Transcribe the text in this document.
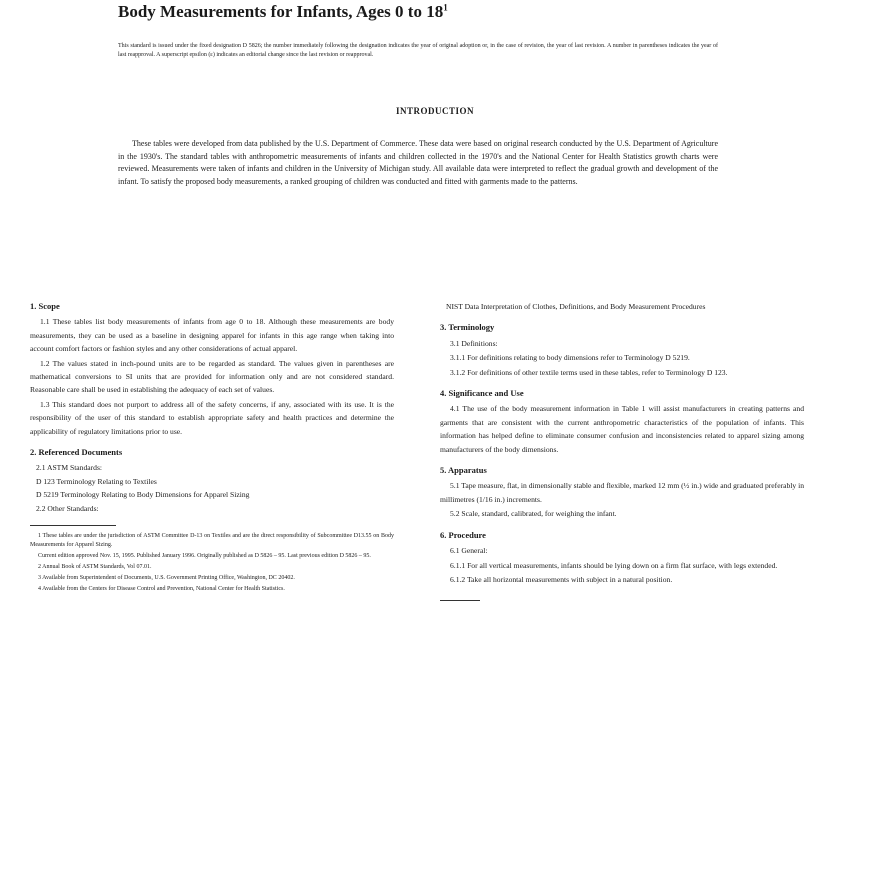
Body Measurements for Infants, Ages 0 to $18^1$
This standard is issued under the fixed designation D 5826; the number immediately following the designation indicates the year of original adoption or, in the case of revision, the year of last revision. A number in parentheses indicates the year of last reapproval. A superscript epsilon (ε) indicates an editorial change since the last revision or reapproval.
INTRODUCTION
These tables were developed from data published by the U.S. Department of Commerce. These data were based on original research conducted by the U.S. Department of Agriculture in the 1930's. The standard tables with anthropometric measurements of infants and children collected in the 1970's and the National Center for Health Statistics growth charts were reviewed. Measurements were taken of infants and children in the University of Michigan study. All available data were interpreted to reflect the gradual growth and development of the infant. To satisfy the proposed body measurements, a ranked grouping of children was conducted and fitted with garments made to the patterns.
1. Scope

1.1 These tables list body measurements of infants from age 0 to 18. Although these measurements are body measurements, they can be used as a baseline in designing apparel for infants in this age range when taking into account comfort factors or fashion styles and any other considerations of actual apparel.

1.2 The values stated in inch-pound units are to be regarded as standard. The values given in parentheses are mathematical conversions to SI units that are provided for information only and are not considered standard. Reasonable care shall be used in establishing the adequacy of each set of values.

1.3 This standard does not purport to address all of the safety concerns, if any, associated with its use. It is the responsibility of the user of this standard to establish appropriate safety and health practices and determine the applicability of regulatory limitations prior to use.

2. Referenced Documents

2.1 ASTM Standards:

D 123 Terminology Relating to Textiles

D 5219 Terminology Relating to Body Dimensions for Apparel Sizing

2.2 Other Standards:

1 These tables are under the jurisdiction of ASTM Committee D-13 on Textiles and are the direct responsibility of Subcommittee D13.55 on Body Measurements for Apparel Sizing.

Current edition approved Nov. 15, 1995. Published January 1996. Originally published as D 5826 – 95. Last previous edition D 5826 – 95.

2 Annual Book of ASTM Standards, Vol 07.01.

3 Available from Superintendent of Documents, U.S. Government Printing Office, Washington, DC 20402.

4 Available from the Centers for Disease Control and Prevention, National Center for Health Statistics.

NIST Data Interpretation of Clothes, Definitions, and Body Measurement Procedures

3. Terminology

3.1 Definitions:

3.1.1 For definitions relating to body dimensions refer to Terminology D 5219.

3.1.2 For definitions of other textile terms used in these tables, refer to Terminology D 123.

4. Significance and Use

4.1 The use of the body measurement information in Table 1 will assist manufacturers in creating patterns and garments that are consistent with the current anthropometric characteristics of the population of infants. This information has helped define to eliminate consumer confusion and inconsistencies related to apparel sizing among manufacturers of the body dimensions.

5. Apparatus

5.1 Tape measure, flat, in dimensionally stable and flexible, marked 12 mm (½ in.) wide and graduated preferably in millimetres (1/16 in.) increments.

5.2 Scale, standard, calibrated, for weighing the infant.

6. Procedure

6.1 General:

6.1.1 For all vertical measurements, infants should be lying down on a firm flat surface, with legs extended.

6.1.2 Take all horizontal measurements with subject in a natural position.
